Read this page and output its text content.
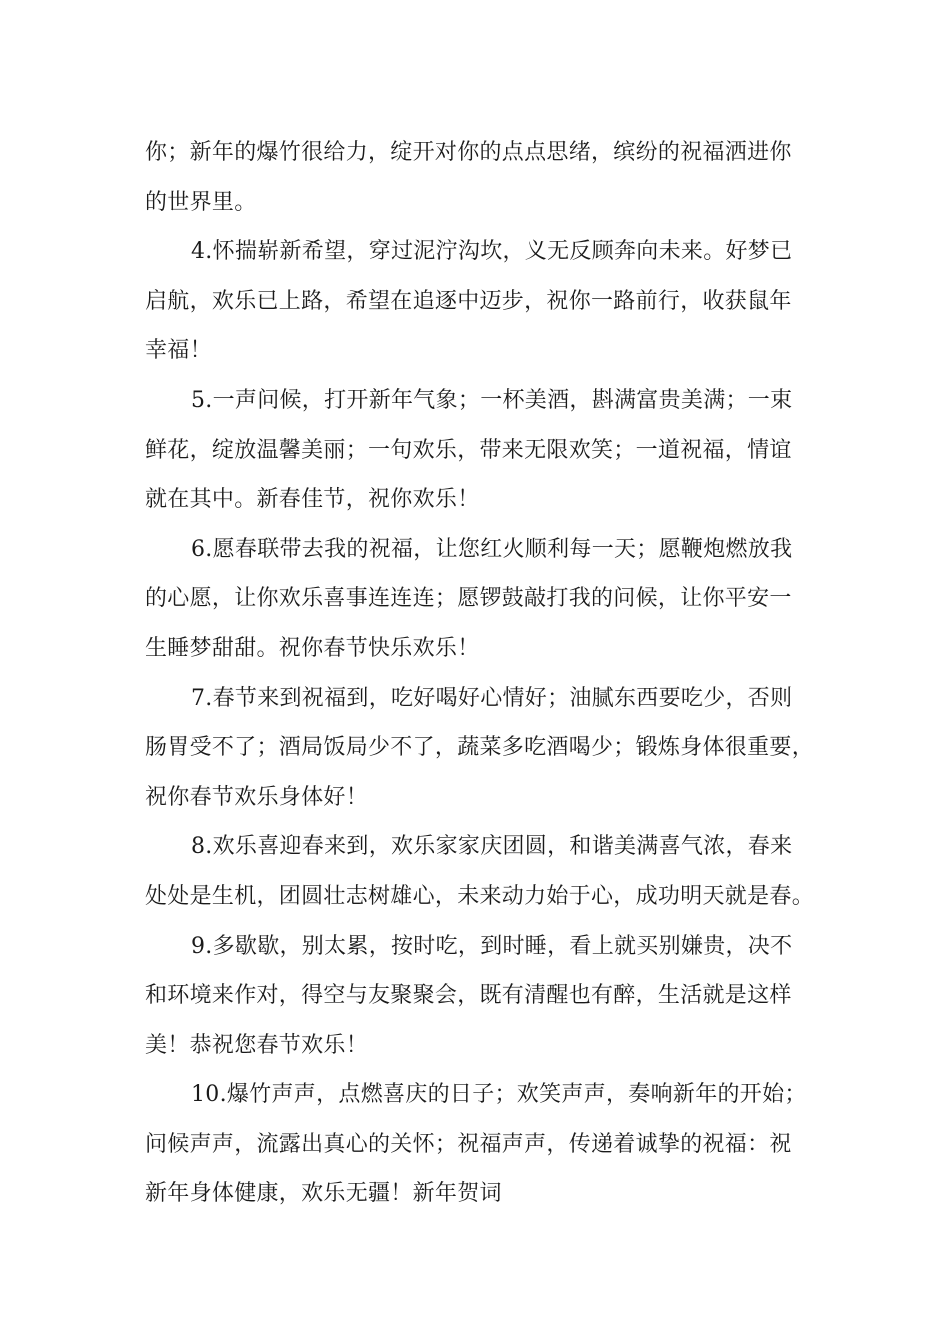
你；新年的爆竹很给力，绽开对你的点点思绪，缤纷的祝福洒进你
的世界里。
4.怀揣崭新希望，穿过泥泞沟坎，义无反顾奔向未来。好梦已
启航，欢乐已上路，希望在追逐中迈步，祝你一路前行，收获鼠年
幸福！
5.一声问候，打开新年气象；一杯美酒，斟满富贵美满；一束
鲜花，绽放温馨美丽；一句欢乐，带来无限欢笑；一道祝福，情谊
就在其中。新春佳节，祝你欢乐！
6.愿春联带去我的祝福，让您红火顺利每一天；愿鞭炮燃放我
的心愿，让你欢乐喜事连连连；愿锣鼓敲打我的问候，让你平安一
生睡梦甜甜。祝你春节快乐欢乐！
7.春节来到祝福到，吃好喝好心情好；油腻东西要吃少，否则
肠胃受不了；酒局饭局少不了，蔬菜多吃酒喝少；锻炼身体很重要，
祝你春节欢乐身体好！
8.欢乐喜迎春来到，欢乐家家庆团圆，和谐美满喜气浓，春来
处处是生机，团圆壮志树雄心，未来动力始于心，成功明天就是春。
9.多歇歇，别太累，按时吃，到时睡，看上就买别嫌贵，决不
和环境来作对，得空与友聚聚会，既有清醒也有醉，生活就是这样
美！恭祝您春节欢乐！
10.爆竹声声，点燃喜庆的日子；欢笑声声，奏响新年的开始；
问候声声，流露出真心的关怀；祝福声声，传递着诚挚的祝福：祝
新年身体健康，欢乐无疆！新年贺词
